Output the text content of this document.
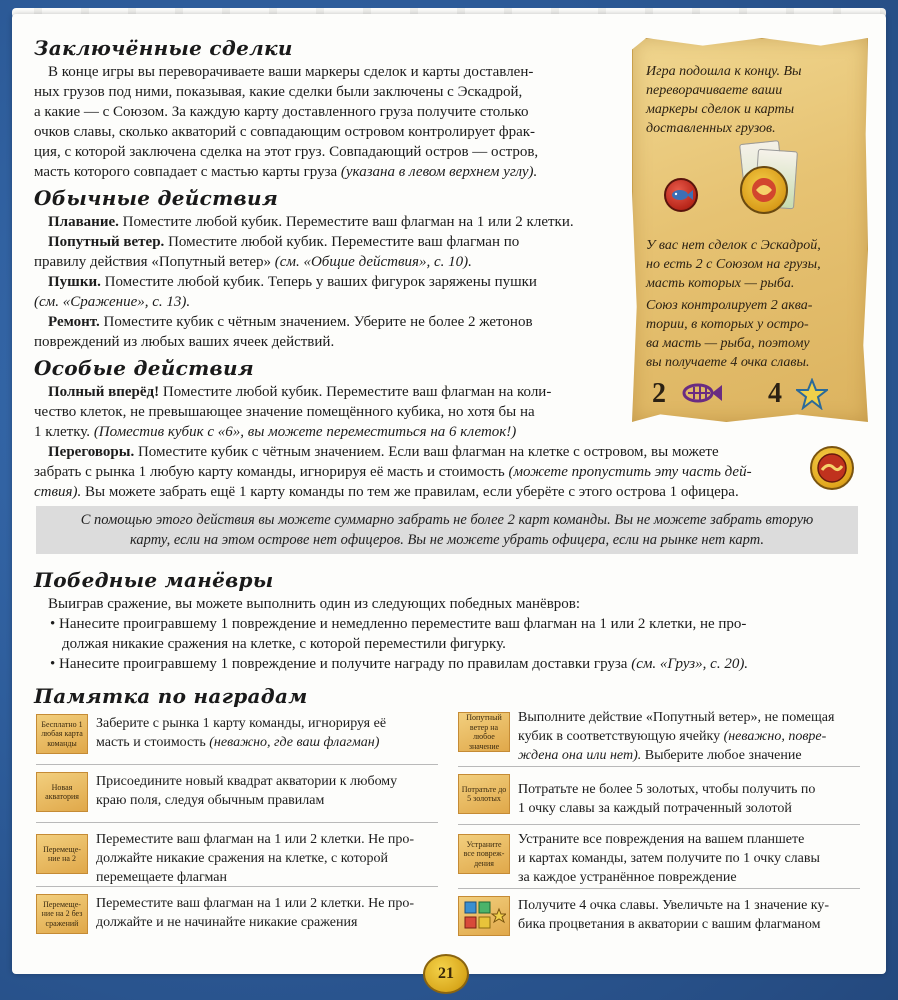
Заключённые сделки
В конце игры вы переворачиваете ваши маркеры сделок и карты доставлен-
ных грузов под ними, показывая, какие сделки были заключены с Эскадрой,
а какие — с Союзом. За каждую карту доставленного груза получите столько
очков славы, сколько акваторий с совпадающим островом контролирует фрак-
ция, с которой заключена сделка на этот груз. Совпадающий остров — остров,
масть которого совпадает с мастью карты груза (указана в левом верхнем углу).
Обычные действия
Плавание. Поместите любой кубик. Переместите ваш флагман на 1 или 2 клетки.
Попутный ветер. Поместите любой кубик. Переместите ваш флагман по
правилу действия «Попутный ветер» (см. «Общие действия», с. 10).
Пушки. Поместите любой кубик. Теперь у ваших фигурок заряжены пушки
(см. «Сражение», с. 13).
Ремонт. Поместите кубик с чётным значением. Уберите не более 2 жетонов
повреждений из любых ваших ячеек действий.
Особые действия
Полный вперёд! Поместите любой кубик. Переместите ваш флагман на коли-
чество клеток, не превышающее значение помещённого кубика, но хотя бы на
1 клетку. (Поместив кубик с «6», вы можете переместиться на 6 клеток!)
Переговоры. Поместите кубик с чётным значением. Если ваш флагман на клетке с островом, вы можете
забрать с рынка 1 любую карту команды, игнорируя её масть и стоимость (можете пропустить эту часть дей-
ствия). Вы можете забрать ещё 1 карту команды по тем же правилам, если уберёте с этого острова 1 офицера.
С помощью этого действия вы можете суммарно забрать не более 2 карт команды. Вы не можете забрать вторую
карту, если на этом острове нет офицеров. Вы не можете убрать офицера, если на рынке нет карт.
Победные манёвры
Выиграв сражение, вы можете выполнить один из следующих победных манёвров:
• Нанесите проигравшему 1 повреждение и немедленно переместите ваш флагман на 1 или 2 клетки, не про-
должая никакие сражения на клетке, с которой переместили фигурку.
• Нанесите проигравшему 1 повреждение и получите награду по правилам доставки груза (см. «Груз», с. 20).
Памятка по наградам
Бесплатно 1 любая карта команды
Заберите с рынка 1 карту команды, игнорируя её
масть и стоимость (неважно, где ваш флагман)
Новая акватория
Присоедините новый квадрат акватории к любому
краю поля, следуя обычным правилам
Перемеще- ние на 2
Переместите ваш флагман на 1 или 2 клетки. Не про-
должайте никакие сражения на клетке, с которой
перемещаете флагман
Перемеще- ние на 2 без сражений
Переместите ваш флагман на 1 или 2 клетки. Не про-
должайте и не начинайте никакие сражения
Попутный ветер на любое значение
Выполните действие «Попутный ветер», не помещая
кубик в соответствующую ячейку (неважно, повре-
ждена она или нет). Выберите любое значение
Потратьте до 5 золотых
Потратьте не более 5 золотых, чтобы получить по
1 очку славы за каждый потраченный золотой
Устраните все повреж- дения
Устраните все повреждения на вашем планшете
и картах команды, затем получите по 1 очку славы
за каждое устранённое повреждение
Получите 4 очка славы. Увеличьте на 1 значение ку-
бика процветания в акватории с вашим флагманом
Игра подошла к концу. Вы
переворачиваете ваши
маркеры сделок и карты
доставленных грузов.
У вас нет сделок с Эскадрой,
но есть 2 с Союзом на грузы,
масть которых — рыба.
Союз контролирует 2 аква-
тории, в которых у остро-
ва масть — рыба, поэтому
вы получаете 4 очка славы.
2	4
21
